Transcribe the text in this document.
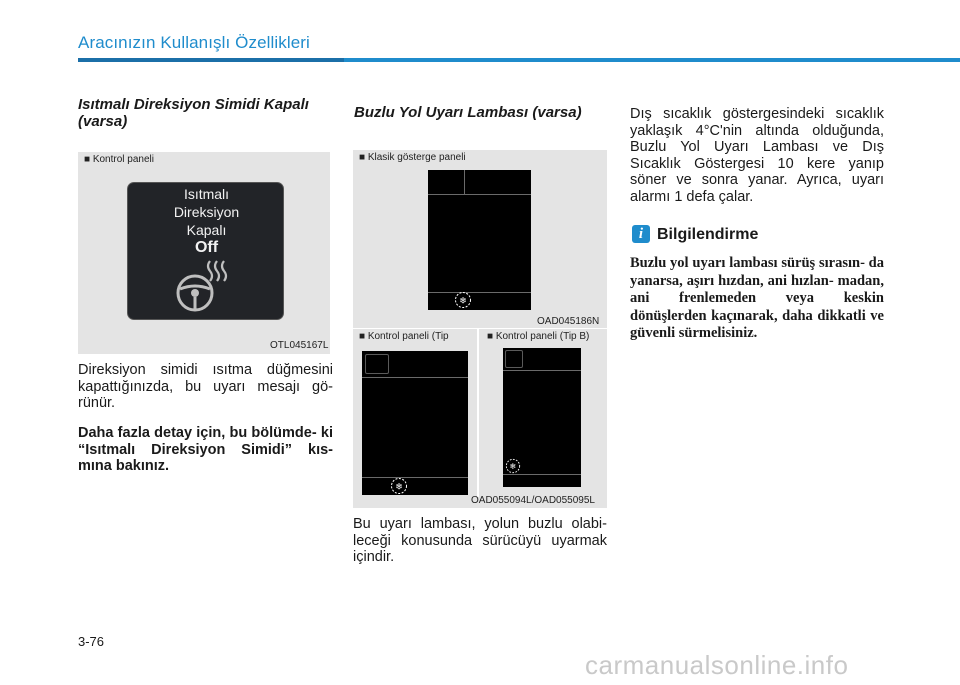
Aracınızın Kullanışlı Özellikleri
Isıtmalı Direksiyon Simidi Kapalı (varsa)
■ Kontrol paneli
OTL045167L
Isıtmalı
Direksiyon
Kapalı
Off
Direksiyon simidi ısıtma düğmesini kapattığınızda, bu uyarı mesajı gö- rünür.
Daha fazla detay için, bu bölümde- ki “Isıtmalı Direksiyon Simidi” kıs- mına bakınız.
Buzlu Yol Uyarı Lambası (varsa)
■ Klasik gösterge paneli
OAD045186N
❄
■ Kontrol paneli (Tip	■ Kontrol paneli (Tip B)
OAD055094L/OAD055095L
❄
❄
Bu uyarı lambası, yolun buzlu olabi- leceği konusunda sürücüyü uyarmak içindir.
Dış sıcaklık göstergesindeki sıcaklık yaklaşık 4°C'nin altında olduğunda, Buzlu Yol Uyarı Lambası ve Dış Sıcaklık Göstergesi 10 kere yanıp söner ve sonra yanar. Ayrıca, uyarı alarmı 1 defa çalar.
i Bilgilendirme
Buzlu yol uyarı lambası sürüş sırasın- da yanarsa, aşırı hızdan, ani hızlan- madan, ani frenlemeden veya keskin dönüşlerden kaçınarak, daha dikkatli ve güvenli sürmelisiniz.
3-76
carmanualsonline.info
